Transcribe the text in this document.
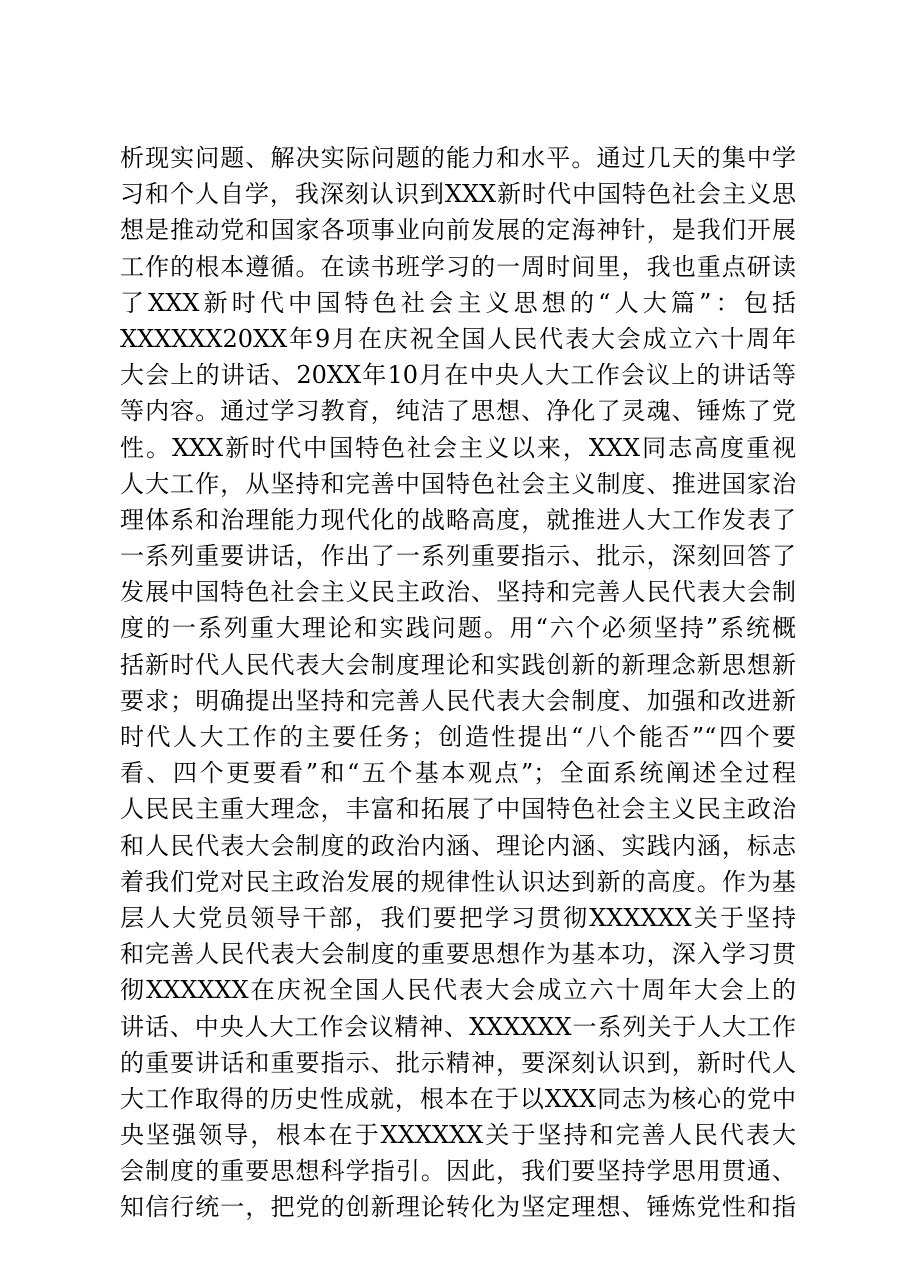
析现实问题、解决实际问题的能力和水平。通过几天的集中学
习和个人自学，我深刻认识到XXX新时代中国特色社会主义思
想是推动党和国家各项事业向前发展的定海神针，是我们开展
工作的根本遵循。在读书班学习的一周时间里，我也重点研读
了XXX新时代中国特色社会主义思想的“人大篇”：包括
XXXXXX20XX年9月在庆祝全国人民代表大会成立六十周年
大会上的讲话、20XX年10月在中央人大工作会议上的讲话等
等内容。通过学习教育，纯洁了思想、净化了灵魂、锤炼了党
性。XXX新时代中国特色社会主义以来，XXX同志高度重视
人大工作，从坚持和完善中国特色社会主义制度、推进国家治
理体系和治理能力现代化的战略高度，就推进人大工作发表了
一系列重要讲话，作出了一系列重要指示、批示，深刻回答了
发展中国特色社会主义民主政治、坚持和完善人民代表大会制
度的一系列重大理论和实践问题。用“六个必须坚持”系统概
括新时代人民代表大会制度理论和实践创新的新理念新思想新
要求；明确提出坚持和完善人民代表大会制度、加强和改进新
时代人大工作的主要任务；创造性提出“八个能否”“四个要
看、四个更要看”和“五个基本观点”；全面系统阐述全过程
人民民主重大理念，丰富和拓展了中国特色社会主义民主政治
和人民代表大会制度的政治内涵、理论内涵、实践内涵，标志
着我们党对民主政治发展的规律性认识达到新的高度。作为基
层人大党员领导干部，我们要把学习贯彻XXXXXX关于坚持
和完善人民代表大会制度的重要思想作为基本功，深入学习贯
彻XXXXXX在庆祝全国人民代表大会成立六十周年大会上的
讲话、中央人大工作会议精神、XXXXXX一系列关于人大工作
的重要讲话和重要指示、批示精神，要深刻认识到，新时代人
大工作取得的历史性成就，根本在于以XXX同志为核心的党中
央坚强领导，根本在于XXXXXX关于坚持和完善人民代表大
会制度的重要思想科学指引。因此，我们要坚持学思用贯通、
知信行统一，把党的创新理论转化为坚定理想、锤炼党性和指
